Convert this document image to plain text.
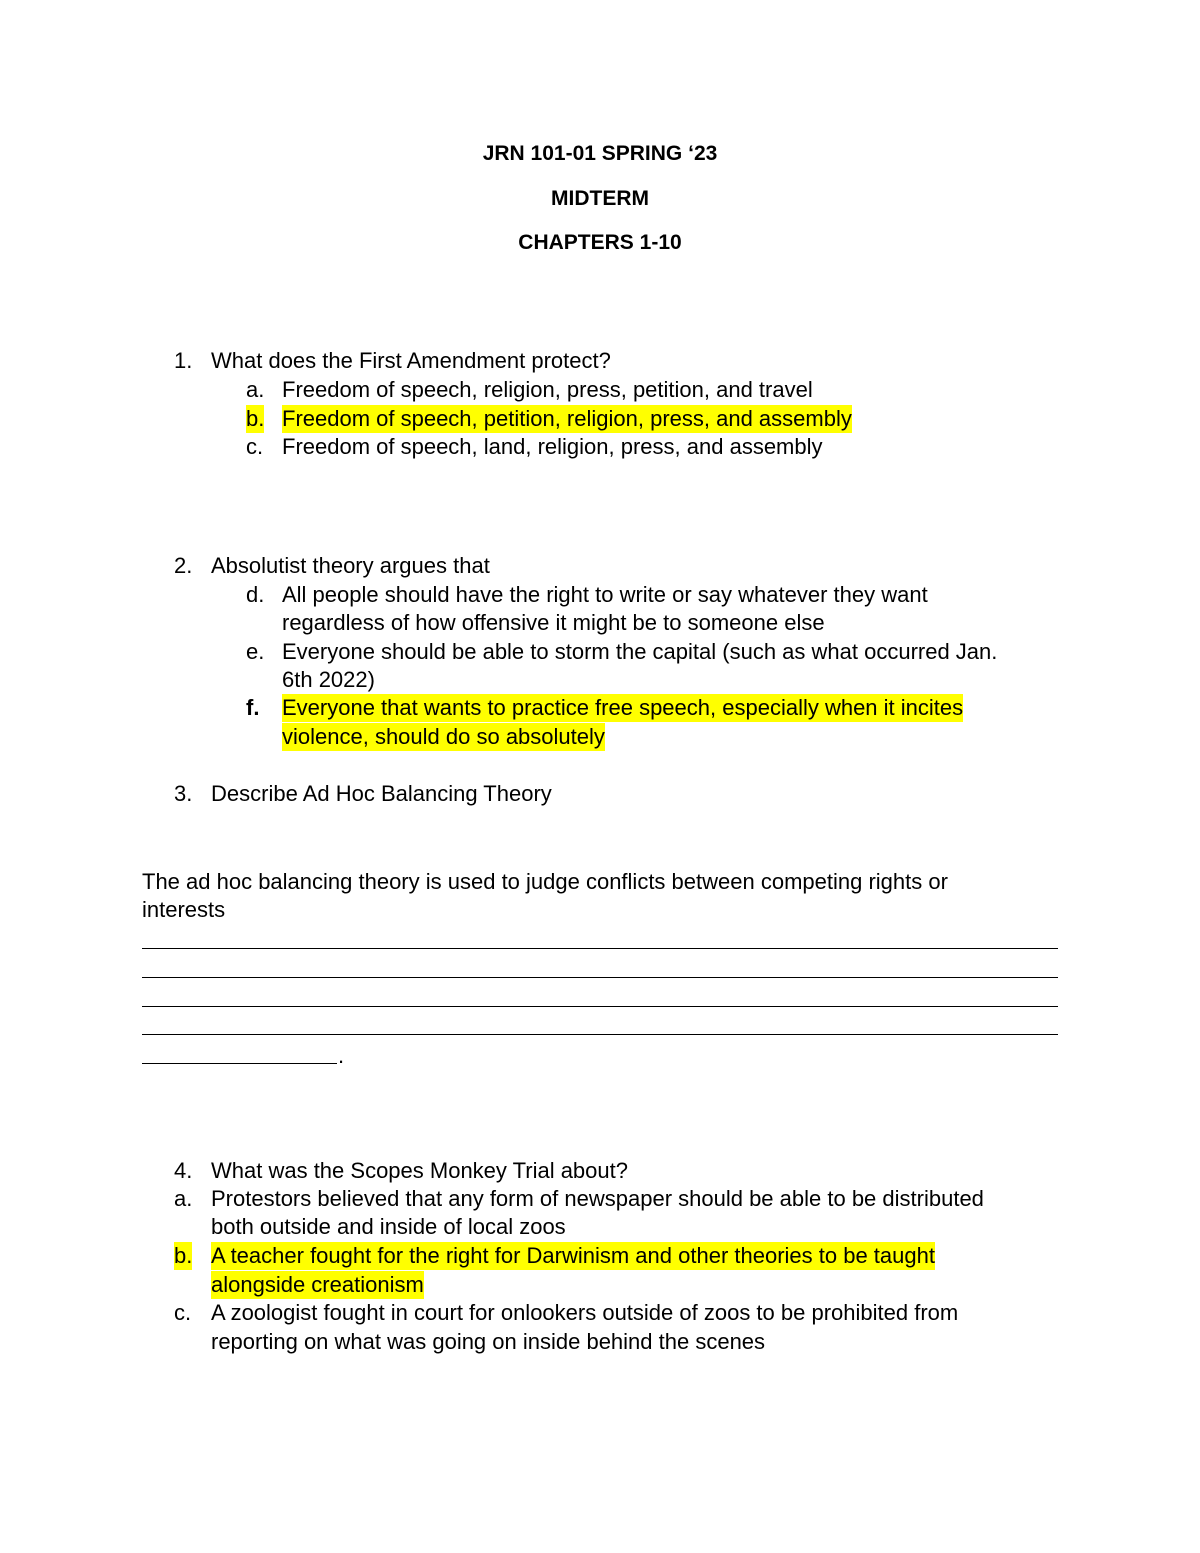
JRN 101-01 SPRING ‘23
MIDTERM
CHAPTERS 1-10
1. What does the First Amendment protect?
a. Freedom of speech, religion, press, petition, and travel
b. Freedom of speech, petition, religion, press, and assembly
c. Freedom of speech, land, religion, press, and assembly
2. Absolutist theory argues that
d. All people should have the right to write or say whatever they want
regardless of how offensive it might be to someone else
e. Everyone should be able to storm the capital (such as what occurred Jan.
6th 2022)
f. Everyone that wants to practice free speech, especially when it incites
violence, should do so absolutely
3. Describe Ad Hoc Balancing Theory
The ad hoc balancing theory is used to judge conflicts between competing rights or
interests
.
4. What was the Scopes Monkey Trial about?
a. Protestors believed that any form of newspaper should be able to be distributed
both outside and inside of local zoos
b. A teacher fought for the right for Darwinism and other theories to be taught
alongside creationism
c. A zoologist fought in court for onlookers outside of zoos to be prohibited from
reporting on what was going on inside behind the scenes
